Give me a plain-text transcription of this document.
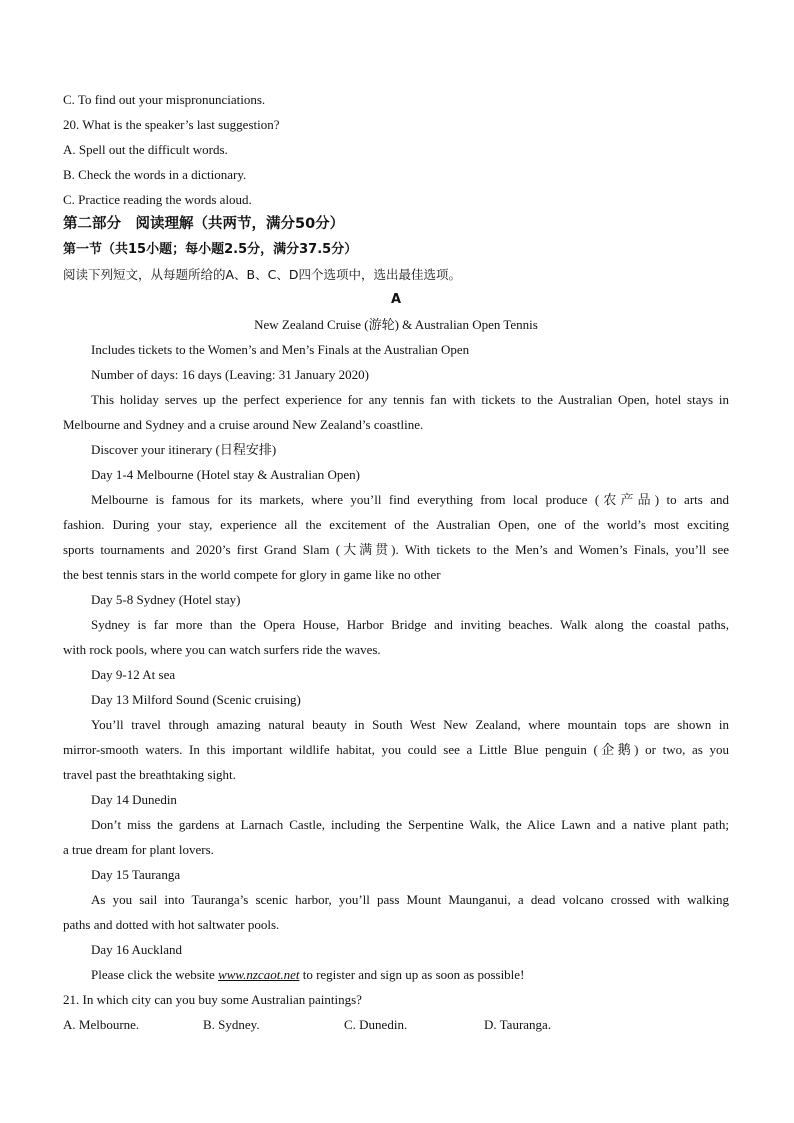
C. To find out your mispronunciations.
20. What is the speaker’s last suggestion?
A. Spell out the difficult words.
B. Check the words in a dictionary.
C. Practice reading the words aloud.
第二部分　阅读理解（共两节，满分50分）
第一节（共15小题；每小题2.5分，满分37.5分）
阅读下列短文，从每题所给的A、B、C、D四个选项中，选出最佳选项。
A
New Zealand Cruise (游轮) & Australian Open Tennis
Includes tickets to the Women’s and Men’s Finals at the Australian Open
Number of days: 16 days (Leaving: 31 January 2020)
This holiday serves up the perfect experience for any tennis fan with tickets to the Australian Open, hotel stays in
Melbourne and Sydney and a cruise around New Zealand’s coastline.
Discover your itinerary (日程安排)
Day 1-4 Melbourne (Hotel stay & Australian Open)
Melbourne is famous for its markets, where you’ll find everything from local produce (农产品) to arts and
fashion. During your stay, experience all the excitement of the Australian Open, one of the world’s most exciting
sports tournaments and 2020’s first Grand Slam (大满贯). With tickets to the Men’s and Women’s Finals, you’ll see
the best tennis stars in the world compete for glory in game like no other
Day 5-8 Sydney (Hotel stay)
Sydney is far more than the Opera House, Harbor Bridge and inviting beaches. Walk along the coastal paths,
with rock pools, where you can watch surfers ride the waves.
Day 9-12 At sea
Day 13 Milford Sound (Scenic cruising)
You’ll travel through amazing natural beauty in South West New Zealand, where mountain tops are shown in
mirror-smooth waters. In this important wildlife habitat, you could see a Little Blue penguin (企鹅) or two, as you
travel past the breathtaking sight.
Day 14 Dunedin
Don’t miss the gardens at Larnach Castle, including the Serpentine Walk, the Alice Lawn and a native plant path;
a true dream for plant lovers.
Day 15 Tauranga
As you sail into Tauranga’s scenic harbor, you’ll pass Mount Maunganui, a dead volcano crossed with walking
paths and dotted with hot saltwater pools.
Day 16 Auckland
Please click the website www.nzcaot.net to register and sign up as soon as possible!
21. In which city can you buy some Australian paintings?
A. Melbourne.	B. Sydney.	C. Dunedin.	D. Tauranga.
